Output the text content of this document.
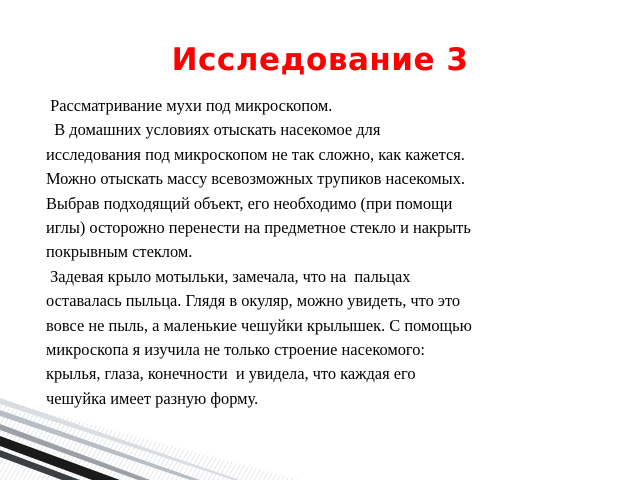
Исследование 3
Рассматривание мухи под микроскопом.
В домашних условиях отыскать насекомое для
исследования под микроскопом не так сложно, как кажется.
Можно отыскать массу всевозможных трупиков насекомых.
Выбрав подходящий объект, его необходимо (при помощи
иглы) осторожно перенести на предметное стекло и накрыть
покрывным стеклом.
Задевая крыло мотыльки, замечала, что на  пальцах
оставалась пыльца. Глядя в окуляр, можно увидеть, что это
вовсе не пыль, а маленькие чешуйки крылышек. С помощью
микроскопа я изучила не только строение насекомого:
крылья, глаза, конечности  и увидела, что каждая его
чешуйка имеет разную форму.
